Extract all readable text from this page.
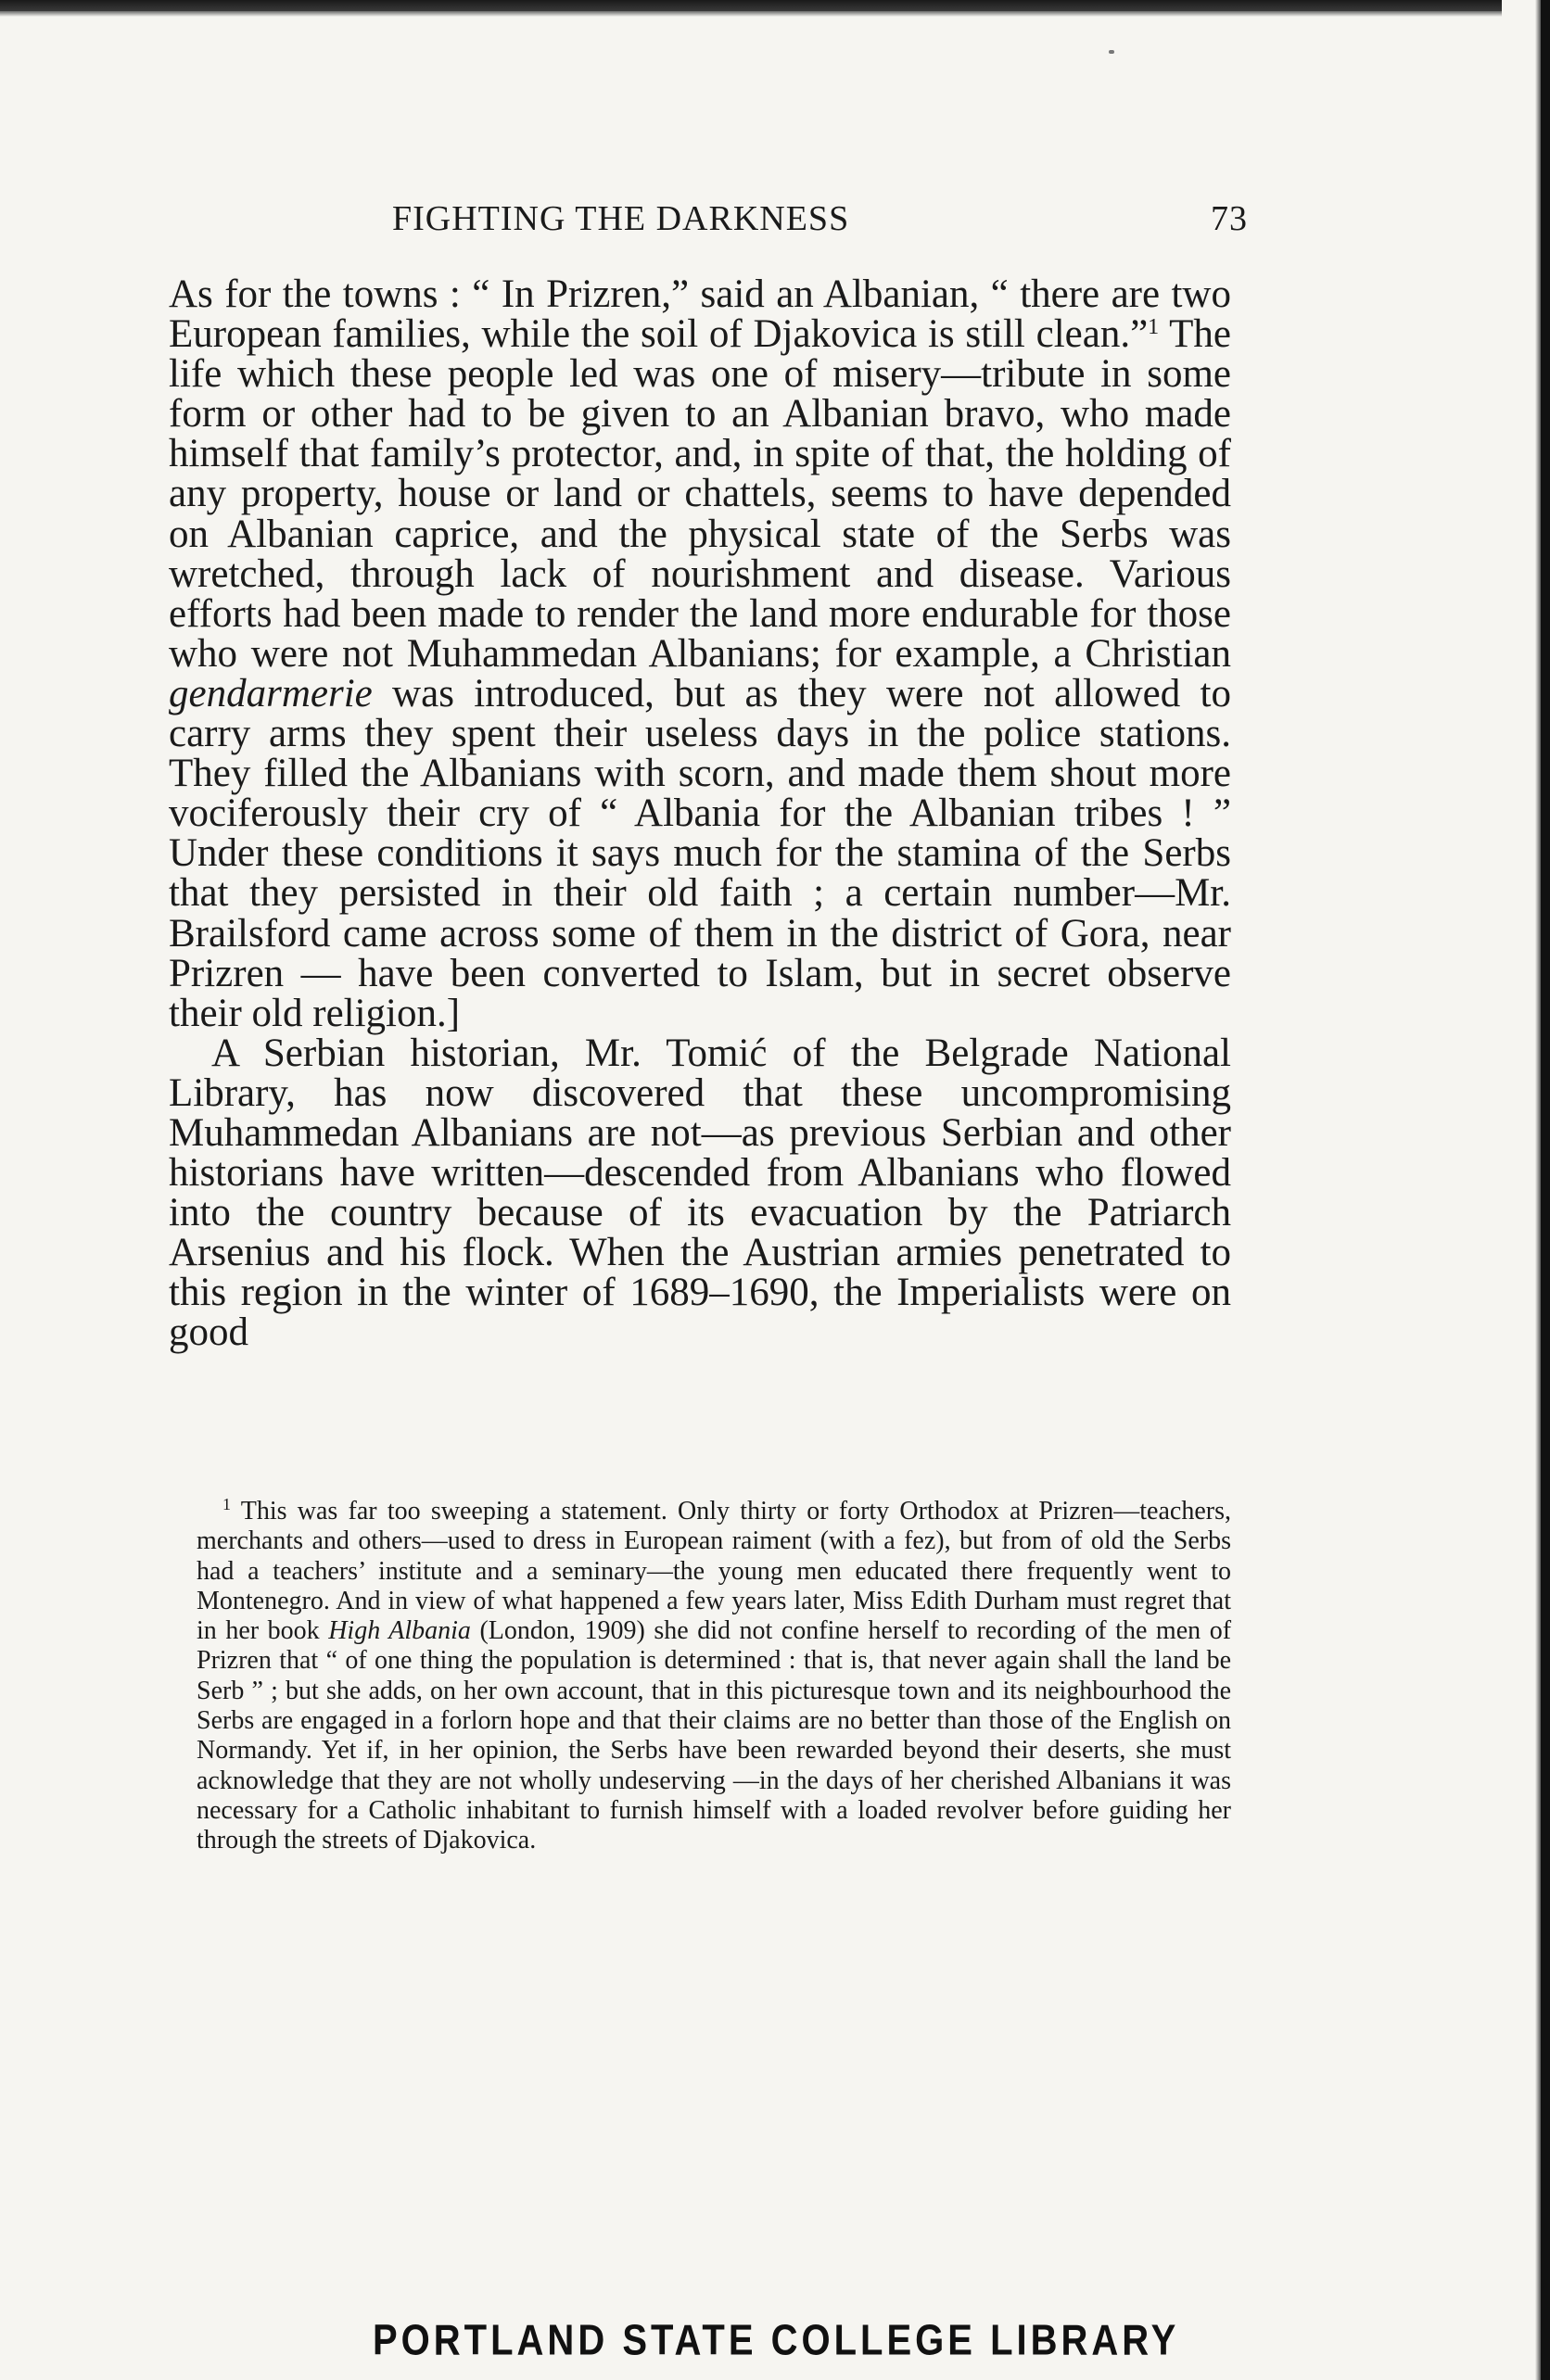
FIGHTING THE DARKNESS	73

As for the towns : “ In Prizren,” said an Albanian, “ there are two European families, while the soil of Djakovica is still clean.”$^1$ The life which these people led was one of misery—tribute in some form or other had to be given to an Albanian bravo, who made himself that family’s protector, and, in spite of that, the holding of any property, house or land or chattels, seems to have depended on Albanian caprice, and the physical state of the Serbs was wretched, through lack of nourishment and disease. Various efforts had been made to render the land more endurable for those who were not Muhammedan Albanians; for example, a Christian gendarmerie was introduced, but as they were not allowed to carry arms they spent their useless days in the police stations. They filled the Albanians with scorn, and made them shout more vociferously their cry of “ Albania for the Albanian tribes ! ” Under these conditions it says much for the stamina of the Serbs that they persisted in their old faith ; a certain number—Mr. Brailsford came across some of them in the district of Gora, near Prizren — have been converted to Islam, but in secret observe their old religion.]

A Serbian historian, Mr. Tomić of the Belgrade National Library, has now discovered that these uncompromising Muhammedan Albanians are not—as previous Serbian and other historians have written—descended from Albanians who flowed into the country because of its evacuation by the Patriarch Arsenius and his flock. When the Austrian armies penetrated to this region in the winter of 1689–1690, the Imperialists were on good

$^1$ This was far too sweeping a statement. Only thirty or forty Orthodox at Prizren—teachers, merchants and others—used to dress in European raiment (with a fez), but from of old the Serbs had a teachers’ institute and a seminary—the young men educated there frequently went to Montenegro. And in view of what happened a few years later, Miss Edith Durham must regret that in her book High Albania (London, 1909) she did not confine herself to recording of the men of Prizren that “ of one thing the population is determined : that is, that never again shall the land be Serb ” ; but she adds, on her own account, that in this picturesque town and its neighbourhood the Serbs are engaged in a forlorn hope and that their claims are no better than those of the English on Normandy. Yet if, in her opinion, the Serbs have been rewarded beyond their deserts, she must acknowledge that they are not wholly undeserving —in the days of her cherished Albanians it was necessary for a Catholic inhabitant to furnish himself with a loaded revolver before guiding her through the streets of Djakovica.

PORTLAND STATE COLLEGE LIBRARY
